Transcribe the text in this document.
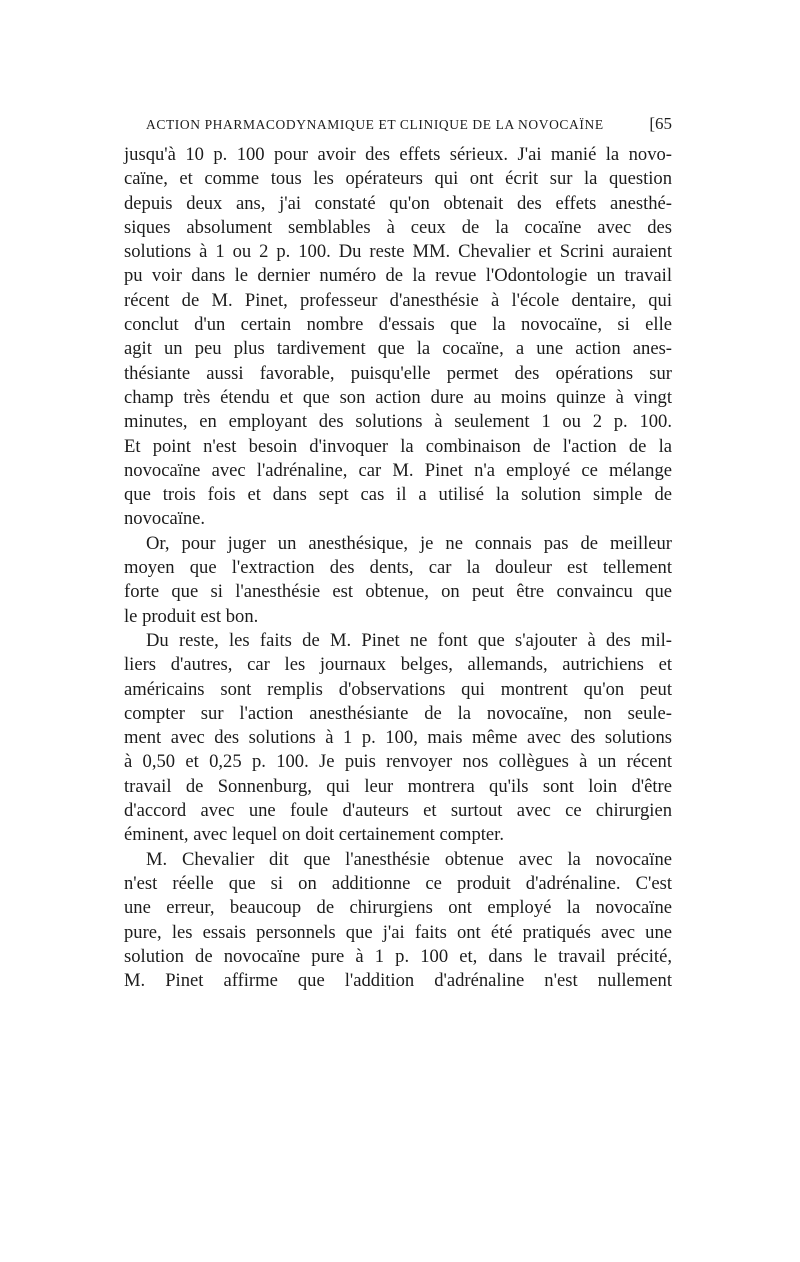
ACTION PHARMACODYNAMIQUE ET CLINIQUE DE LA NOVOCAÏNE	[65
jusqu'à 10 p. 100 pour avoir des effets sérieux. J'ai manié la novo-
caïne, et comme tous les opérateurs qui ont écrit sur la question
depuis deux ans, j'ai constaté qu'on obtenait des effets anesthé-
siques absolument semblables à ceux de la cocaïne avec des
solutions à 1 ou 2 p. 100. Du reste MM. Chevalier et Scrini auraient
pu voir dans le dernier numéro de la revue l'Odontologie un travail
récent de M. Pinet, professeur d'anesthésie à l'école dentaire, qui
conclut d'un certain nombre d'essais que la novocaïne, si elle
agit un peu plus tardivement que la cocaïne, a une action anes-
thésiante aussi favorable, puisqu'elle permet des opérations sur
champ très étendu et que son action dure au moins quinze à vingt
minutes, en employant des solutions à seulement 1 ou 2 p. 100.
Et point n'est besoin d'invoquer la combinaison de l'action de la
novocaïne avec l'adrénaline, car M. Pinet n'a employé ce mélange
que trois fois et dans sept cas il a utilisé la solution simple de
novocaïne.
Or, pour juger un anesthésique, je ne connais pas de meilleur
moyen que l'extraction des dents, car la douleur est tellement
forte que si l'anesthésie est obtenue, on peut être convaincu que
le produit est bon.
Du reste, les faits de M. Pinet ne font que s'ajouter à des mil-
liers d'autres, car les journaux belges, allemands, autrichiens et
américains sont remplis d'observations qui montrent qu'on peut
compter sur l'action anesthésiante de la novocaïne, non seule-
ment avec des solutions à 1 p. 100, mais même avec des solutions
à 0,50 et 0,25 p. 100. Je puis renvoyer nos collègues à un récent
travail de Sonnenburg, qui leur montrera qu'ils sont loin d'être
d'accord avec une foule d'auteurs et surtout avec ce chirurgien
éminent, avec lequel on doit certainement compter.
M. Chevalier dit que l'anesthésie obtenue avec la novocaïne
n'est réelle que si on additionne ce produit d'adrénaline. C'est
une erreur, beaucoup de chirurgiens ont employé la novocaïne
pure, les essais personnels que j'ai faits ont été pratiqués avec une
solution de novocaïne pure à 1 p. 100 et, dans le travail précité,
M. Pinet affirme que l'addition d'adrénaline n'est nullement
